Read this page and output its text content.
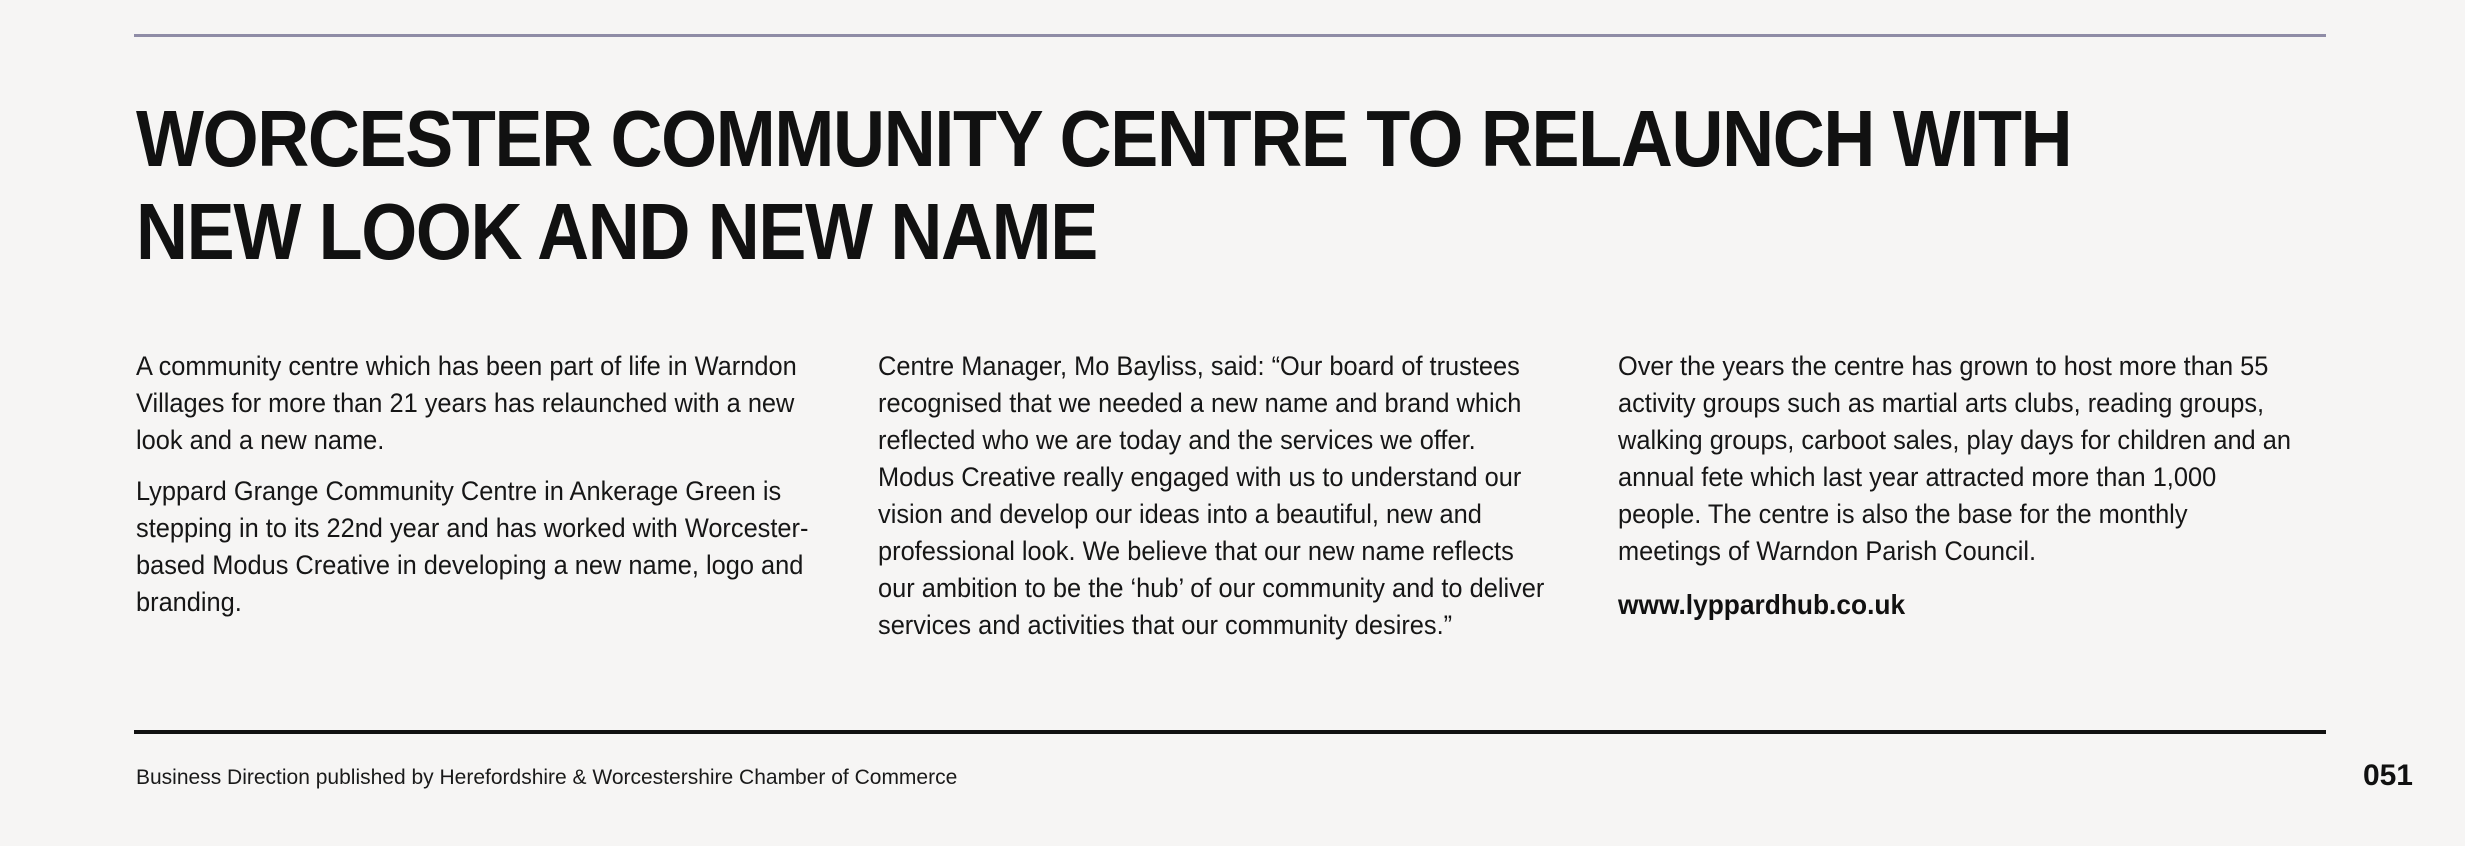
WORCESTER COMMUNITY CENTRE TO RELAUNCH WITH NEW LOOK AND NEW NAME

A community centre which has been part of life in Warndon Villages for more than 21 years has relaunched with a new look and a new name.

Lyppard Grange Community Centre in Ankerage Green is stepping in to its 22nd year and has worked with Worcester-based Modus Creative in developing a new name, logo and branding.

Centre Manager, Mo Bayliss, said: “Our board of trustees recognised that we needed a new name and brand which reflected who we are today and the services we offer. Modus Creative really engaged with us to understand our vision and develop our ideas into a beautiful, new and professional look. We believe that our new name reflects our ambition to be the ‘hub’ of our community and to deliver services and activities that our community desires.”

Over the years the centre has grown to host more than 55 activity groups such as martial arts clubs, reading groups, walking groups, carboot sales, play days for children and an annual fete which last year attracted more than 1,000 people. The centre is also the base for the monthly meetings of Warndon Parish Council.

www.lyppardhub.co.uk
Business Direction published by Herefordshire & Worcestershire Chamber of Commerce	051
